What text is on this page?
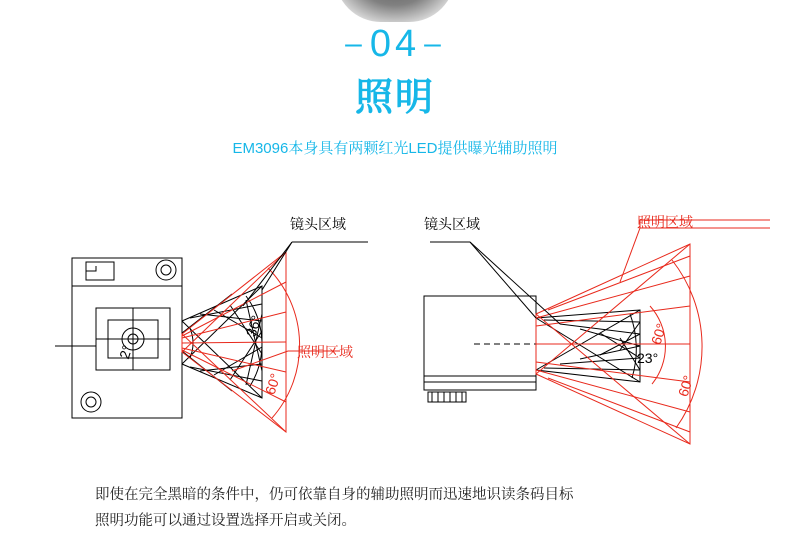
– 04 –
照明
EM3096本身具有两颗红光LED提供曝光辅助照明
镜头区域
照明区域
36°
2°
60°
镜头区域	照明区域
60°
23°
60°
即使在完全黑暗的条件中，仍可依靠自身的辅助照明而迅速地识读条码目标
照明功能可以通过设置选择开启或关闭。
